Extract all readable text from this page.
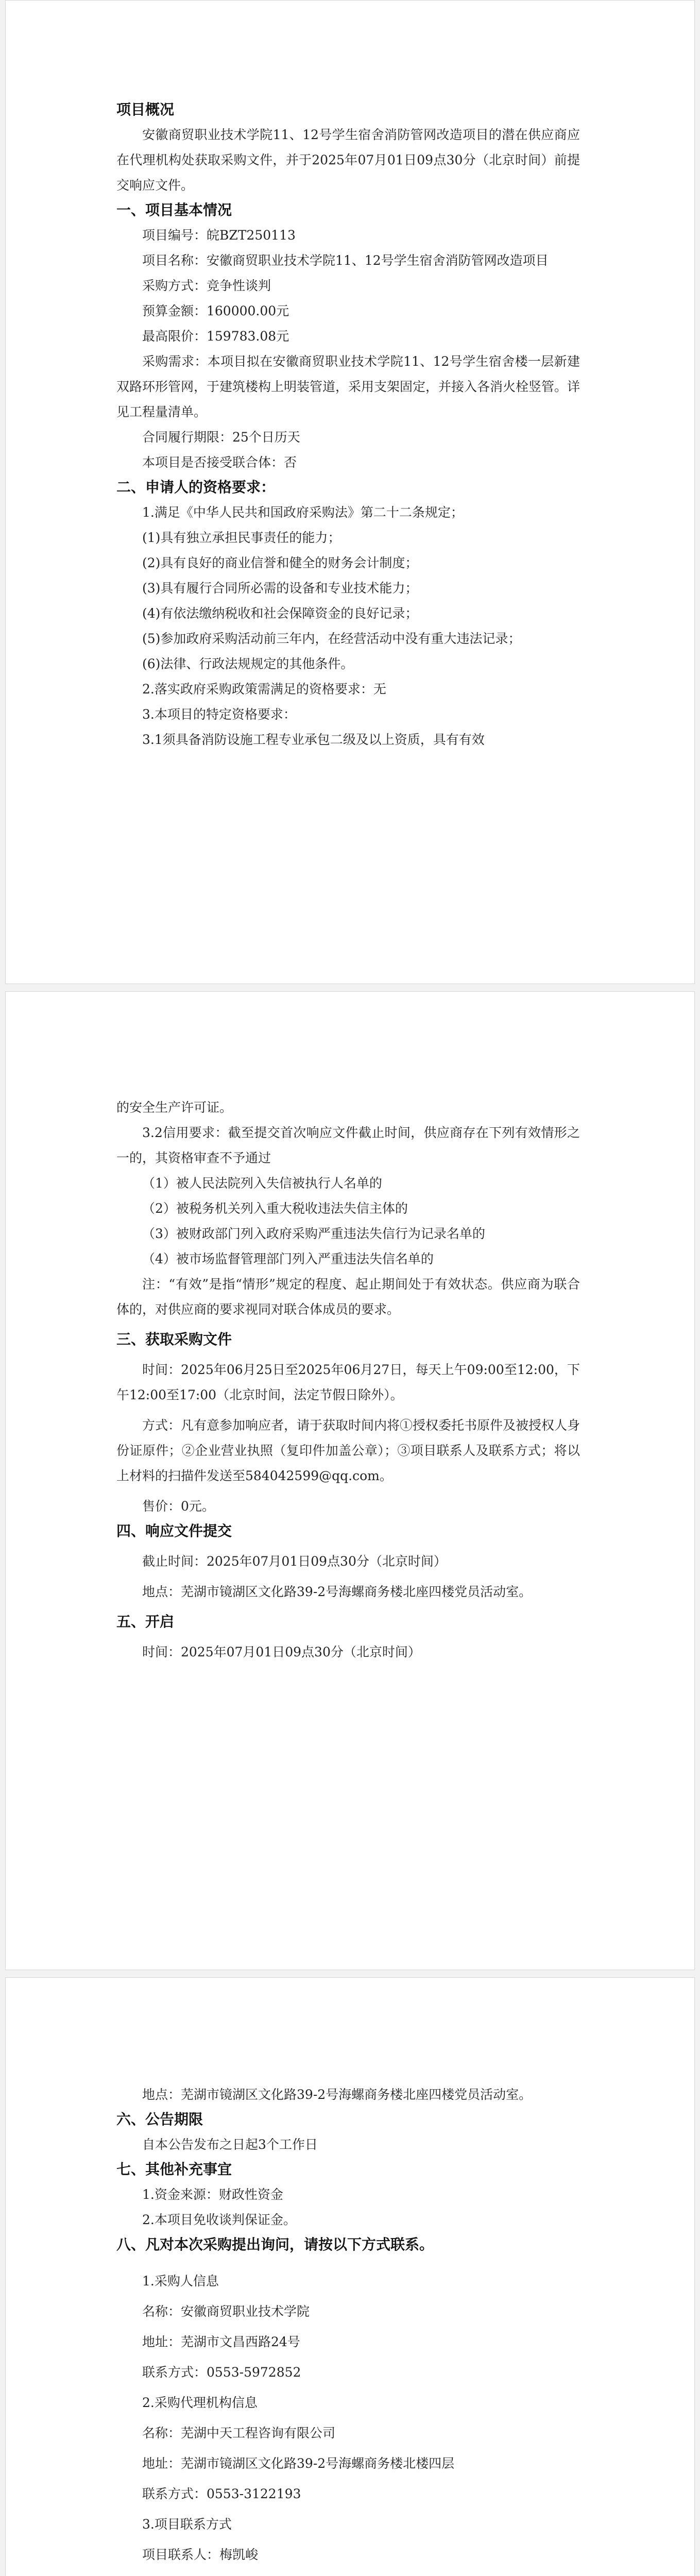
项目概况

安徽商贸职业技术学院11、12号学生宿舍消防管网改造项目的潜在供应商应在代理机构处获取采购文件，并于2025年07月01日09点30分（北京时间）前提交响应文件。

一、项目基本情况

项目编号：皖BZT250113

项目名称：安徽商贸职业技术学院11、12号学生宿舍消防管网改造项目

采购方式：竞争性谈判

预算金额：160000.00元

最高限价：159783.08元

采购需求：本项目拟在安徽商贸职业技术学院11、12号学生宿舍楼一层新建双路环形管网，于建筑楼构上明装管道，采用支架固定，并接入各消火栓竖管。详见工程量清单。

合同履行期限：25个日历天

本项目是否接受联合体：否

二、申请人的资格要求：

1.满足《中华人民共和国政府采购法》第二十二条规定；

(1)具有独立承担民事责任的能力；

(2)具有良好的商业信誉和健全的财务会计制度；

(3)具有履行合同所必需的设备和专业技术能力；

(4)有依法缴纳税收和社会保障资金的良好记录；

(5)参加政府采购活动前三年内，在经营活动中没有重大违法记录；

(6)法律、行政法规规定的其他条件。

2.落实政府采购政策需满足的资格要求：无

3.本项目的特定资格要求：

3.1须具备消防设施工程专业承包二级及以上资质，具有有效

的安全生产许可证。

3.2信用要求：截至提交首次响应文件截止时间，供应商存在下列有效情形之一的，其资格审查不予通过

（1）被人民法院列入失信被执行人名单的

（2）被税务机关列入重大税收违法失信主体的

（3）被财政部门列入政府采购严重违法失信行为记录名单的

（4）被市场监督管理部门列入严重违法失信名单的

注：“有效”是指“情形”规定的程度、起止期间处于有效状态。供应商为联合体的，对供应商的要求视同对联合体成员的要求。

三、获取采购文件

时间：2025年06月25日至2025年06月27日，每天上午09:00至12:00，下午12:00至17:00（北京时间，法定节假日除外）。

方式：凡有意参加响应者，请于获取时间内将①授权委托书原件及被授权人身份证原件；②企业营业执照（复印件加盖公章）；③项目联系人及联系方式；将以上材料的扫描件发送至584042599@qq.com。

售价：0元。

四、响应文件提交

截止时间：2025年07月01日09点30分（北京时间）

地点：芜湖市镜湖区文化路39-2号海螺商务楼北座四楼党员活动室。

五、开启

时间：2025年07月01日09点30分（北京时间）

地点：芜湖市镜湖区文化路39-2号海螺商务楼北座四楼党员活动室。

六、公告期限

自本公告发布之日起3个工作日

七、其他补充事宜

1.资金来源：财政性资金

2.本项目免收谈判保证金。

八、凡对本次采购提出询问，请按以下方式联系。

1.采购人信息

名称：安徽商贸职业技术学院

地址：芜湖市文昌西路24号

联系方式：0553-5972852

2.采购代理机构信息

名称：芜湖中天工程咨询有限公司

地址：芜湖市镜湖区文化路39-2号海螺商务楼北楼四层

联系方式：0553-3122193

3.项目联系方式

项目联系人：梅凯峻
